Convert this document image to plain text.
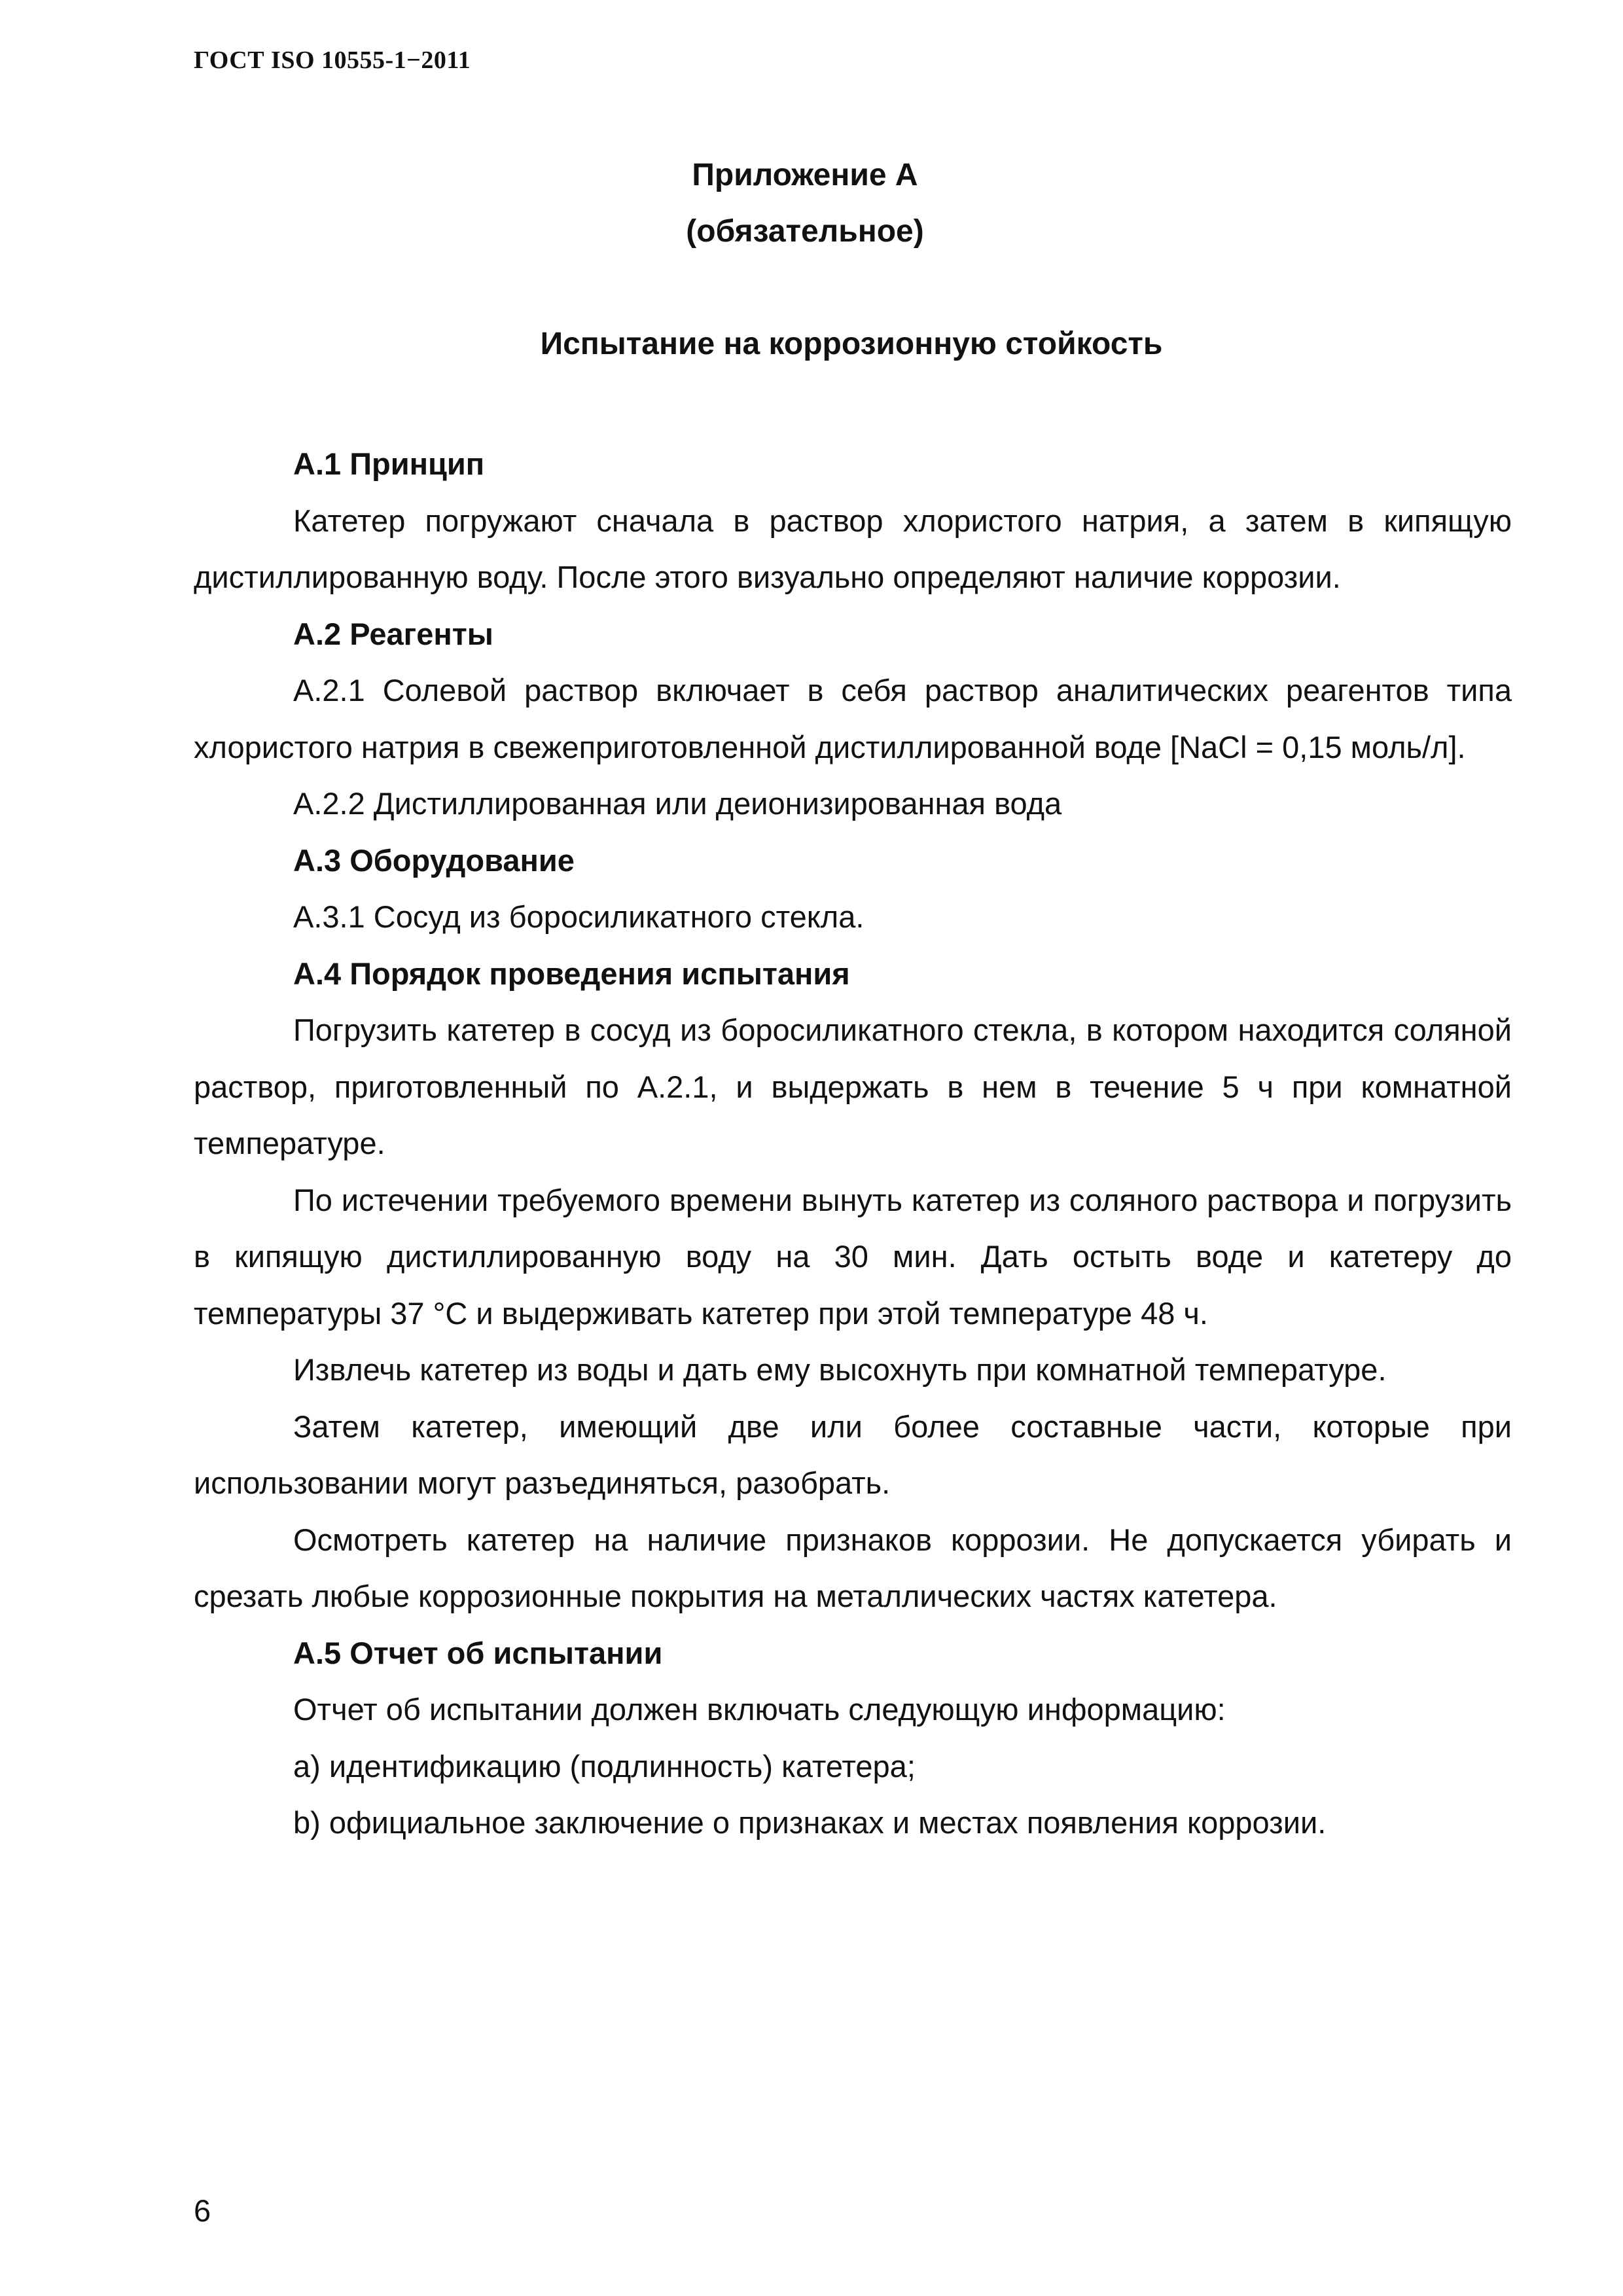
ГОСТ ISO 10555-1−2011
Приложение А
(обязательное)
Испытание на коррозионную стойкость
А.1 Принцип

Катетер погружают сначала в раствор хлористого натрия, а затем в кипящую дистиллированную воду. После этого визуально определяют наличие коррозии.

А.2 Реагенты

А.2.1 Солевой раствор включает в себя раствор аналитических реагентов типа хлористого натрия в свежеприготовленной дистиллированной воде [NaCl = 0,15 моль/л].

А.2.2 Дистиллированная или деионизированная вода

А.3 Оборудование

А.3.1 Сосуд из боросиликатного стекла.

А.4 Порядок проведения испытания

Погрузить катетер в сосуд из боросиликатного стекла, в котором находится соляной раствор, приготовленный по А.2.1, и выдержать в нем в течение 5 ч при комнатной температуре.

По истечении требуемого времени вынуть катетер из соляного раствора и погрузить в кипящую дистиллированную воду на 30 мин. Дать остыть воде и катетеру до температуры 37 °С и выдерживать катетер при этой температуре 48 ч.

Извлечь катетер из воды и дать ему высохнуть при комнатной температуре.

Затем катетер, имеющий две или более составные части, которые при использовании могут разъединяться, разобрать.

Осмотреть катетер на наличие признаков коррозии. Не допускается убирать и срезать любые коррозионные покрытия на металлических частях катетера.

А.5 Отчет об испытании

Отчет об испытании должен включать следующую информацию:

а) идентификацию (подлинность) катетера;

b) официальное заключение о признаках и местах появления коррозии.

6
